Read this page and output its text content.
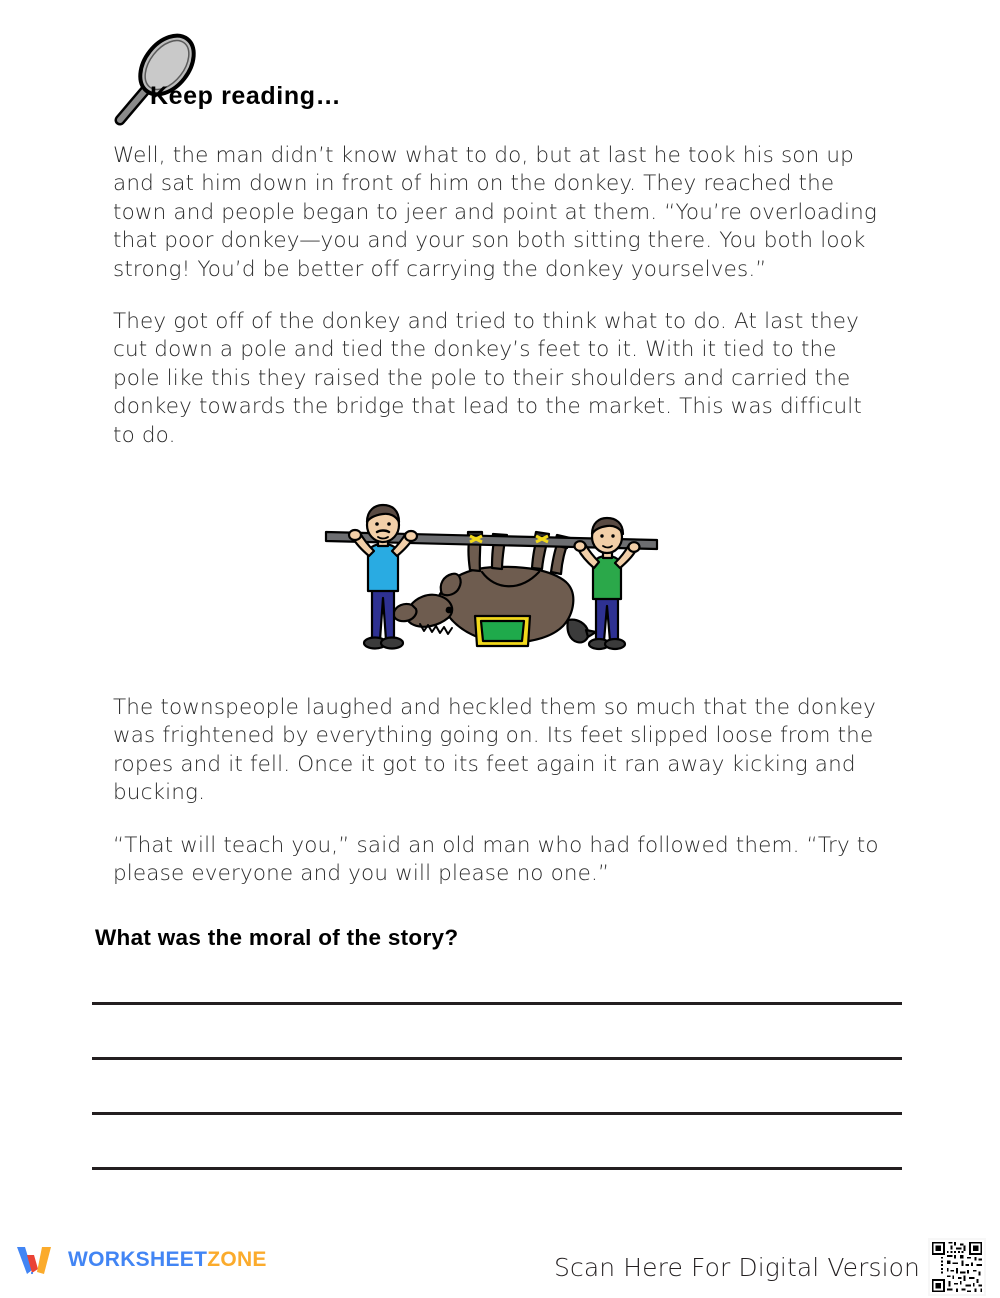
Keep reading…

Well, the man didn’t know what to do, but at last he took his son up and sat him down in front of him on the donkey. They reached the town and people began to jeer and point at them. “You’re overloading that poor donkey—you and your son both sitting there. You both look strong! You’d be better off carrying the donkey yourselves.”

They got off of the donkey and tried to think what to do. At last they cut down a pole and tied the donkey’s feet to it. With it tied to the pole like this they raised the pole to their shoulders and carried the donkey towards the bridge that lead to the market. This was difficult to do.

The townspeople laughed and heckled them so much that the donkey was frightened by everything going on. Its feet slipped loose from the ropes and it fell. Once it got to its feet again it ran away kicking and bucking.

“That will teach you,” said an old man who had followed them. “Try to please everyone and you will please no one.”

What was the moral of the story?
WORKSHEETZONE	Scan Here For Digital Version
